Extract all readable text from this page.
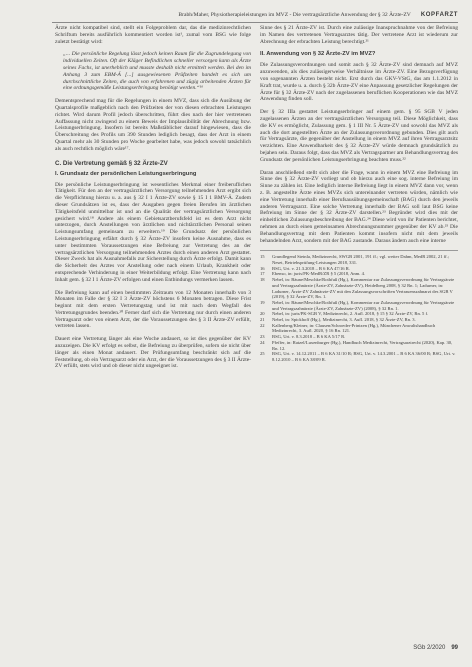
Brabh/Maher, Physiotherapieleistungen im MVZ - Die vertragsärztliche Anwendung der § 32 Ärzte-ZV KOPFARZT

Ärzte nicht kompatibel sind, stellt ein Folgeproblem dar, das die medizinrechtlichen Schriftum bereits ausführlich kommentiert worden ist¹, zumal vom BSG wie folge zuletzt bestätigt wird:

„... Die persönliche Regelung lässt jedoch keinen Raum für die Zugrundelegung von individuellen Zeiten. Oft der Kläger Befindlichen schneller versorgen kann als Ärzte seines Fachs, ist unerheblich und musste deshalb nicht ermittelt werden. Bei den im Anhang 3 zum EBM-Ä [...] ausgewiesenen Prüfzeiten handelt es sich um durchschnittliche Zeiten, die auch von erfahrenen und zügig arbeitenden Ärzten für eine ordnungsgemäße Leistungserbringung benötigt werden.“¹⁶

Dementsprechend mag für die Regelungen in einem MVZ, dass sich die Ausübung der Quartalsprofile maßgeblich nach den Prüfzeiten der von diesen erbrachten Leistungen richtet. Wird darum Profil jedoch überschritten, führt dies nach der hier vertretenen Auffassung nicht zwingend zu einem Beweis der Implausibilität der Abrechnung bzw. Leistungserbringung. Insofern ist bereits Maßstäblicher darauf hingewiesen, dass die Überschreitung des Profils um 390 Stunden lediglich besagt, dass der Arzt in einem Quartal mehr als 30 Stunden pro Woche gearbeitet habe, was jedoch sowohl tatsächlich als auch rechtlich möglich wäre¹⁷.

C. Die Vertretung gemäß § 32 Ärzte-ZV
I. Grundsatz der persönlichen Leistungserbringung

Die persönliche Leistungserbringung ist wesentliches Merkmal einer freiberuflichen Tätigkeit. Für den an der vertragsärztlichen Versorgung teilnehmenden Arzt ergibt sich die Verpflichtung hierzu u. a. aus § 32 I 1 Ärzte-ZV sowie § 15 I 1 BMV-Ä. Zudem dieser Grundsätzen ist es, dass der Ausgaben gegen freien Berufen im ärztlichen Tätigkeitsfeld unmittelbar ist und an die Qualität der vertragsärztlichen Versorgung gesichert wird.¹⁸ Andere als einem Gebietsarztberufsfeld ist es dem Arzt nicht unterzogen, durch Anstellungen von ärztlichen und nichtärztlichen Personal seinen Leistungsumfang gemeinsam zu erweitern.¹⁹ Die Grundsatz der persönlichen Leistungserbringung erfährt durch § 32 Ärzte-ZV insofern keine Ausnahme, dass es unter bestimmten Voraussetzungen eine Befreiung zur Vertretung des an der vertragsärztlichen Versorgung teilnehmenden Arztes durch einen anderen Arzt gestattet. Dieser Zweck hat als Ausnahmefalls zur Sicherstellung durch Ärzte erfolgt. Damit kann die Sicherheit des Arztes vor Anstellung oder nach einem Urlaub, Krankheit oder entsprechende Verhinderung in einer Weiterbildung erfolgt. Eine Vertretung kann nach Inhalt gem. § 32 I 1 Ärzte-ZV erfolgen und einen Entbindungs vermerken lassen.

Die Befreiung kann auf einen bestimmten Zeitraum von 12 Monaten innerhalb von 3 Monaten im Falle der § 32 I 3 Ärzte-ZV höchstens 6 Monaten betragen. Diese Frist beginnt mit dem ersten Vertretungstag und ist mit nach dem Wegfall des Vertretungsgrundes beenden.²⁰ Ferner darf sich die Vertretung nur durch einen anderen Vertragsarzt oder von einem Arzt, der die Voraussetzungen des § 3 II Ärzte-ZV erfüllt, vertreten lassen.

Dauert eine Vertretung länger als eine Woche andauert, so ist dies gegenüber der KV anzuzeigen. Die KV erfolgt es selbst, die Befreiung zu überprüfen, sofern sie nicht über länger als einen Monat andauert. Der Prüfungsumfang beschränkt sich auf die Feststellung, ob ein Vertragsarzt oder ein Arzt, der die Voraussetzungen des § 3 II Ärzte-ZV erfüllt, stets wird und ob dieser nicht ungeeignet ist.

Sinne des § 21 Ärzte-ZV ist. Durch eine zulässige Inanspruchnahme von der Befreiung im Namen des vertretenen Vertragsarztes tätig. Der vertretene Arzt ist wiederum zur Abrechnung der erbrachten Leistung berechtigt.²¹

II. Anwendung von § 32 Ärzte-ZV im MVZ?

Die Zulassungsverordnungen und somit auch § 32 Ärzte-ZV sind demnach auf MVZ anzuwenden, als dies zulässigerweise Verhältnisse im Ärzte-ZV. Eine Bezugsverfügung von sogenannten Ärzten besteht nicht. Erst durch das GKV-VStG, das am 1.1.2012 in Kraft trat, wurde u. a. durch § 32b Ärzte-ZV eine Anpassung gesetzlicher Regelungen der Ärzte für § 32 Ärzte-ZV nach der zugelassenen beruflichen Kooperationen wie das MVZ Anwendung finden soll.

Der § 32 IIIa gestattet Leistungserbringer auf einem gem. § 95 SGB V jeden zugelassenen Ärzten an der vertragsärztlichen Versorgung teil. Diese Möglichkeit, dass die KV es ermöglicht, Zulassung gem. § 1 III Nr. 5 Ärzte-ZV und sowohl das MVZ als auch die dort angestellten Ärzte an der Zulassungsverordnung gebunden. Dies gilt auch für Vertragsärzte, die gegenüber der Anstellung in einem MVZ auf ihren Vertragsarztsitz verzichten. Eine Anwendbarkeit des § 32 Ärzte-ZV würde demnach grundsätzlich zu bejahen sein. Daraus folgt, dass das MVZ als Vertragspartner am Behandlungsvertrag des Grundsatz der persönlichen Leistungserbringung beachten muss.²²

Daran anschließend stellt sich aber die Frage, wann in einem MVZ eine Befreiung im Sinne des § 32 Ärzte-ZV vorliegt und ob hierzu auch eine sog. interne Befreiung im Sinne zu zählen ist. Eine lediglich interne Befreiung liegt in einem MVZ dann vor, wenn z. B. angestellte Ärzte eines MVZs sich untereinander vertreten würden, nämlich wie eine Vertretung innerhalb einer Berufsausübungsgemeinschaft (BAG) durch den jeweils anderen Vertragsarzt. Eine solche Vertretung innerhalb der BAG soll laut BSG keine Befreiung im Sinne der § 32 Ärzte-ZV darstellen.²³ Begründet wird dies mit der einheitlichen Zulassungsbeschreibung der BAG.²⁴ Diese wird von ihr Patienten berichtet, nehmen an durch einen gemeinsamen Abrechnungsnummer gegenüber der KV ab.²⁵ Die Behandlungsvertrag mit dem Patienten kommt insofern nicht mit dem jeweils behandelnden Arzt, sondern mit der BAG zustande. Daraus ändern auch eine interne

15	Grundlegend Steinla, Medizinrecht, SWGB 2001, 191 ff.; vgl. weiter Dahm, MedR 2002, 21 ff.; Neset, Betriebsprüfung-Leistungen 2018, 331.
16	BSG, Urt. v. 21.3.2018 – B 6 KA 47/16 R.
17	Ebenso, in: juris/PK-MedR/ZR § 5 (2018, Anm. 4.
18	Nebel, in: Bäune/Meschke/Rothfuß (Hg.), Kommentar zur Zulassungsverordnung für Vertragsärzte und Vertragszahnärzte (Ärzte-ZV, Zahnärzte-ZV), Heidelberg 2008, § 32 Rn. 1; Ladurner, in: Ladurner, Ärzte-ZV Zahnärzte-ZV mit den Zulassungsvorschriften Vertrauenszahnarzt des SGB V (2019), § 32 Ärzte-ZV, Rn. 1.
19	Nebel, in: Bäune/Meschke/Rothfuß (Hg.), Kommentar zur Zulassungsverordnung für Vertragsärzte und Vertragszahnärzte (Ärzte-ZV, Zahnärzte-ZV) (2008), § 32 Rn. 1.
20	Nebel, in: juris/PK-SGB V, Medizinrecht, 2. Aufl. 2018, § 15 § 32 Ärzte-ZV, Rn. 5 f.
21	Nebel, in: Spickhoff (Hg.), Medizinrecht, 3. Aufl. 2018, § 32 Ärzte-ZV, Rn. 3.
22	Kallenberg/Kleiner, in: Clausen/Schroeder-Printzen (Hg.), Münchener Anwaltshandbuch Medizinrecht, 3. Aufl. 2020, § 16 Rn. 121.
23	BSG, Urt. v. 8.3.2018 – B 6 KA 5/17 R.
24	Pfeffer, in: Ratzel/Luxenburger (Hg.), Handbuch Medizinrecht, Vertragsarztrecht (2020), Kap. 30, Rn. 12.
25	BSG, Urt. v. 14.12.2011 – B 6 KA 31/10 R; BSG, Urt. v. 14.3.2001 – B 6 KA 36/00 R; BSG, Urt. v. 8.12.2010 – B 6 KA 38/09 R.
SGb 2/2020 99
